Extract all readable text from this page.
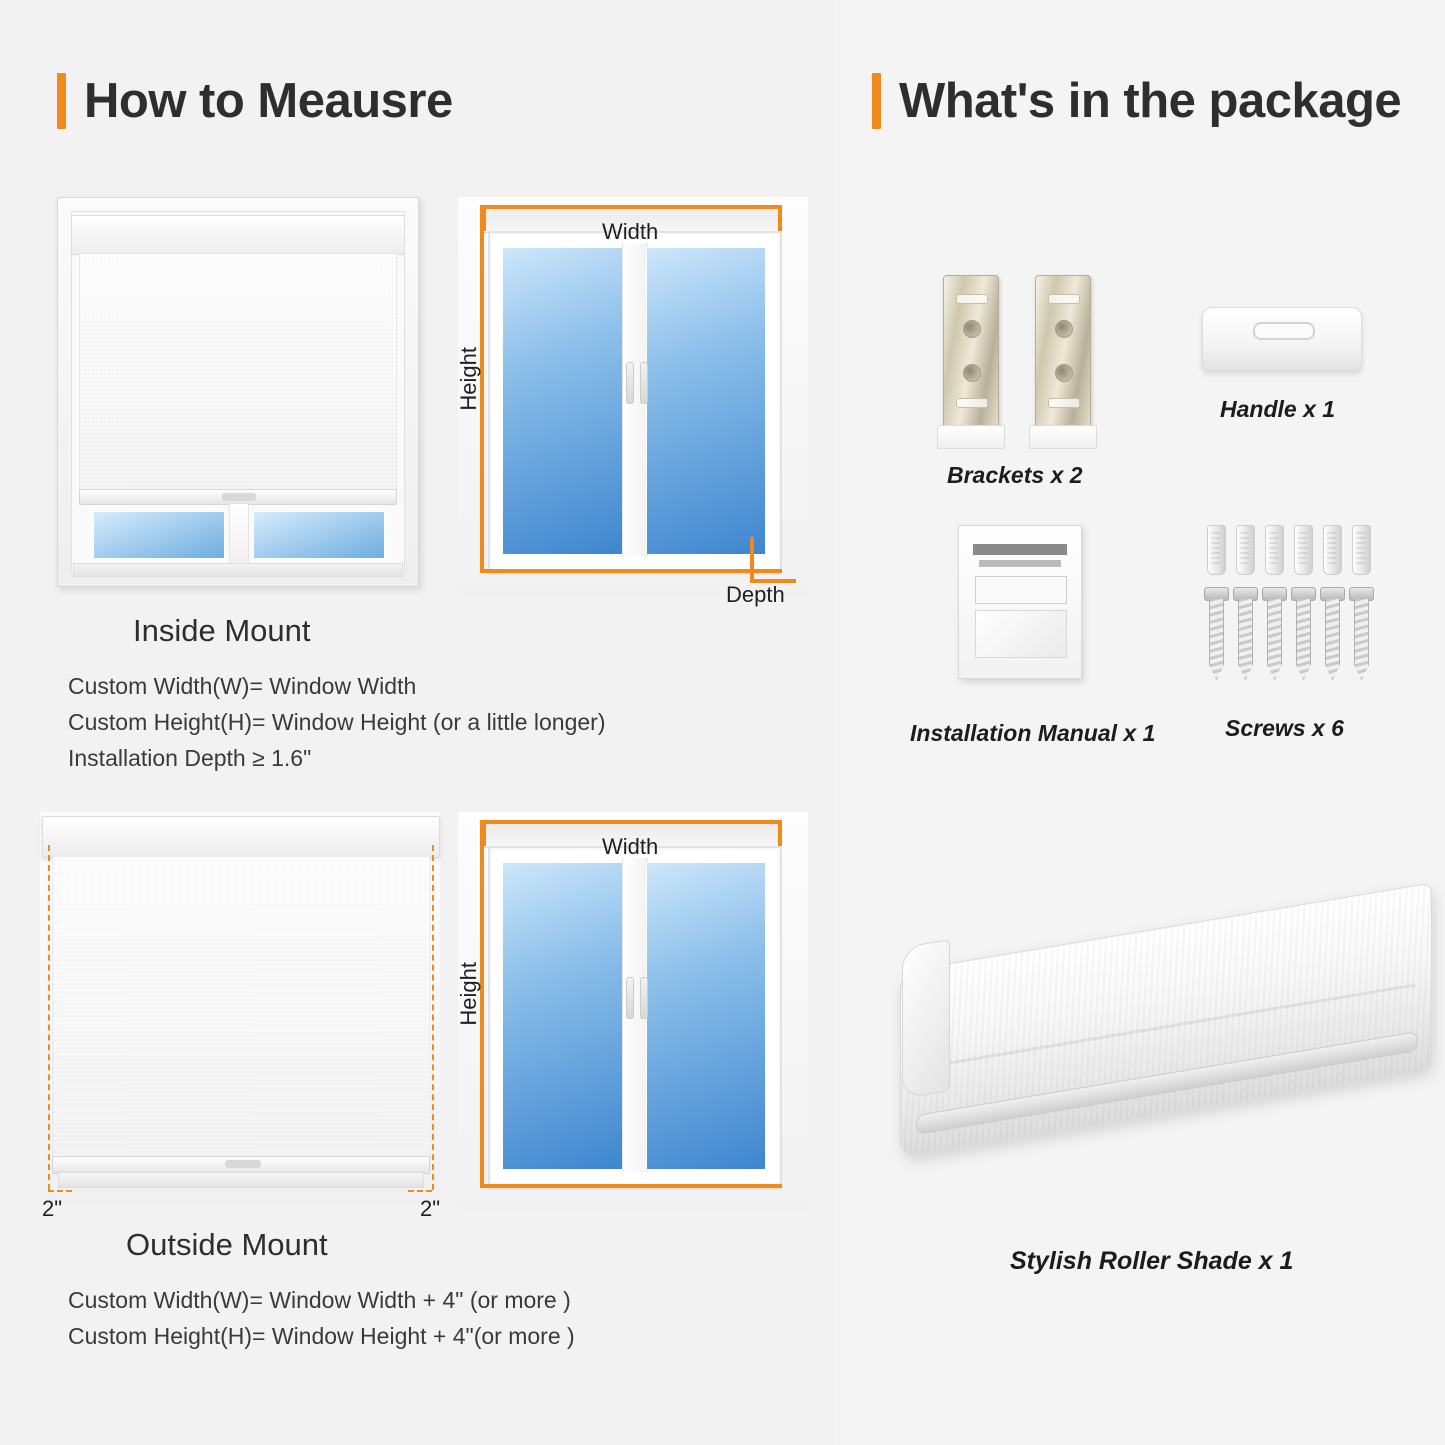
How to Meausre
Width
Height
Depth
Inside Mount
Custom Width(W)= Window Width
Custom Height(H)= Window Height (or a little longer)
Installation Depth ≥ 1.6"
2"	2"
Width
Height
Outside Mount
Custom Width(W)= Window Width + 4" (or more )
Custom Height(H)= Window Height + 4"(or more )
What's in the package
Brackets x 2
Handle x 1
Installation Manual x 1	Screws x 6
Stylish Roller Shade x 1
